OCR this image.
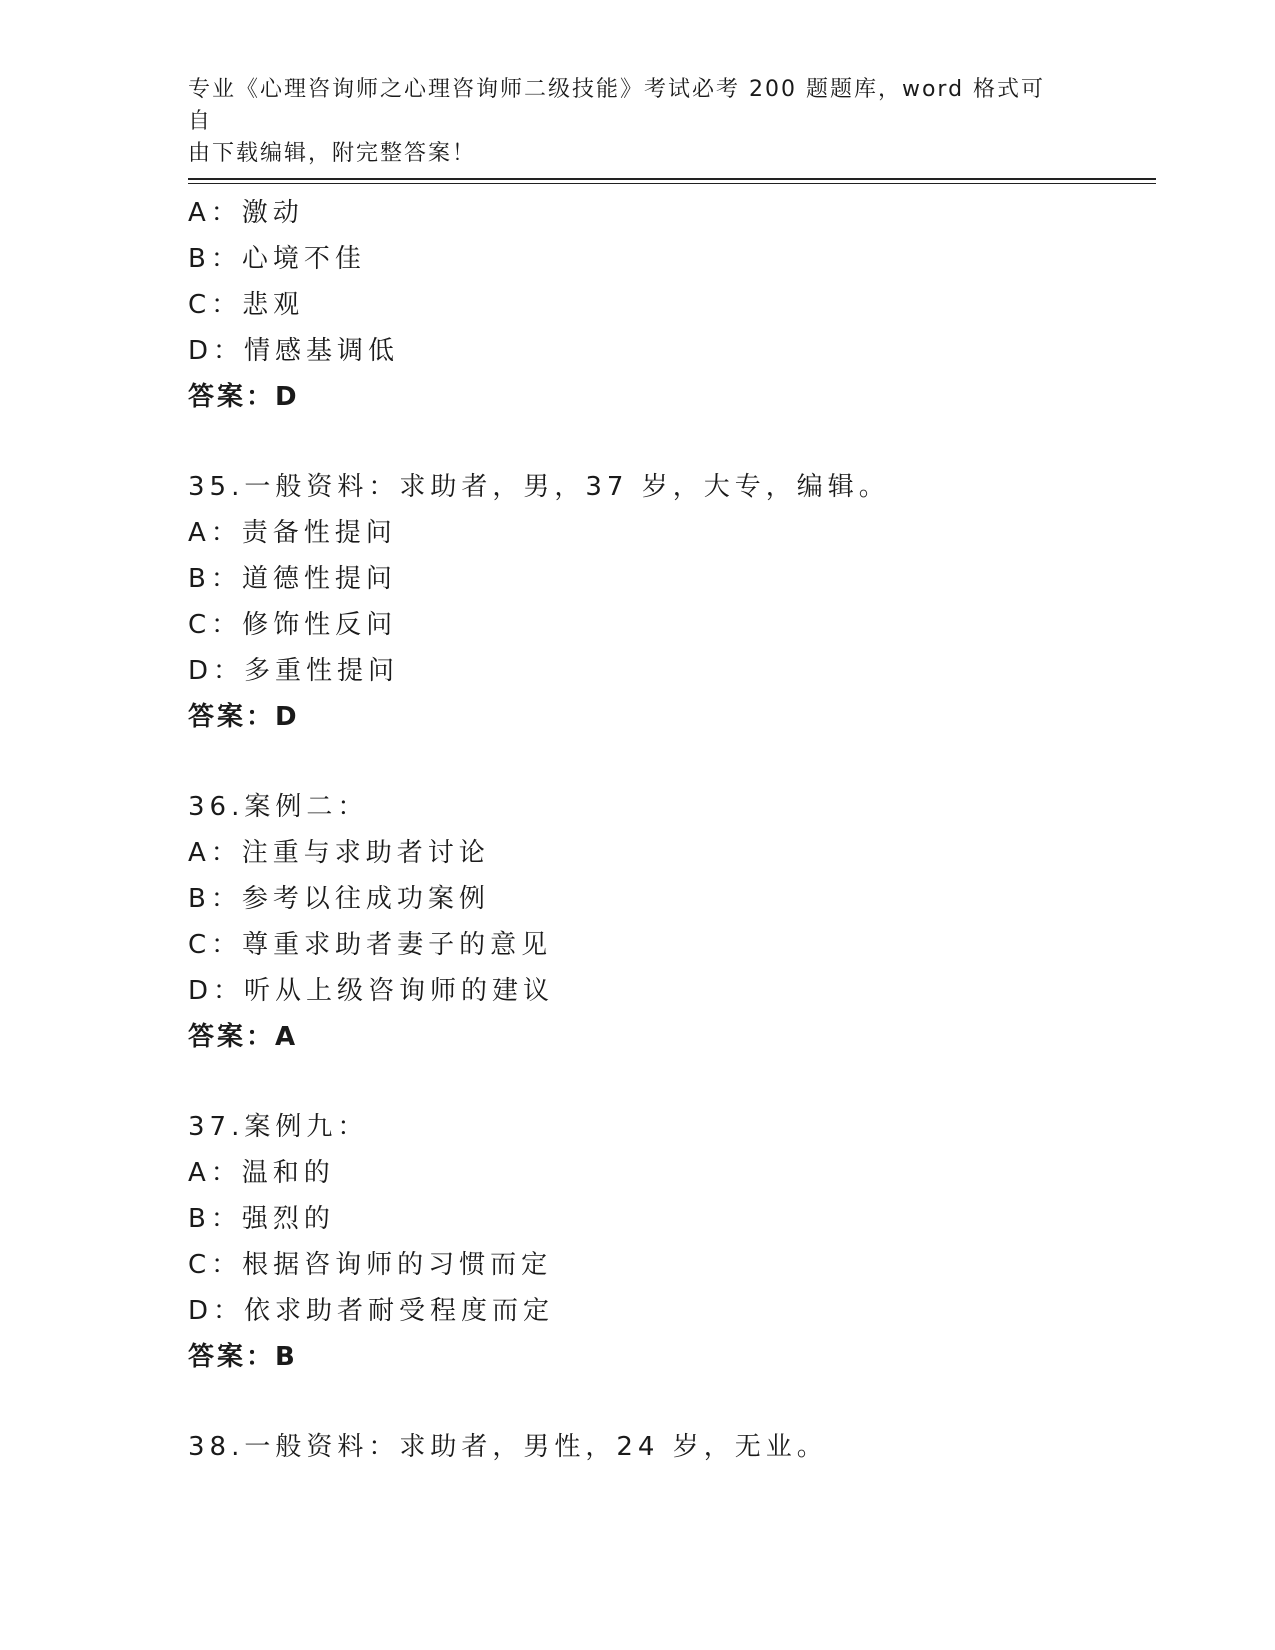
专业《心理咨询师之心理咨询师二级技能》考试必考 200 题题库，word 格式可自

由下载编辑，附完整答案！

A：激动
B：心境不佳
C：悲观
D：情感基调低
答案：D
35.一般资料：求助者，男，37 岁，大专，编辑。
A：责备性提问
B：道德性提问
C：修饰性反问
D：多重性提问
答案：D
36.案例二：
A：注重与求助者讨论
B：参考以往成功案例
C：尊重求助者妻子的意见
D：听从上级咨询师的建议
答案：A
37.案例九：
A：温和的
B：强烈的
C：根据咨询师的习惯而定
D：依求助者耐受程度而定
答案：B
38.一般资料：求助者，男性，24 岁，无业。
